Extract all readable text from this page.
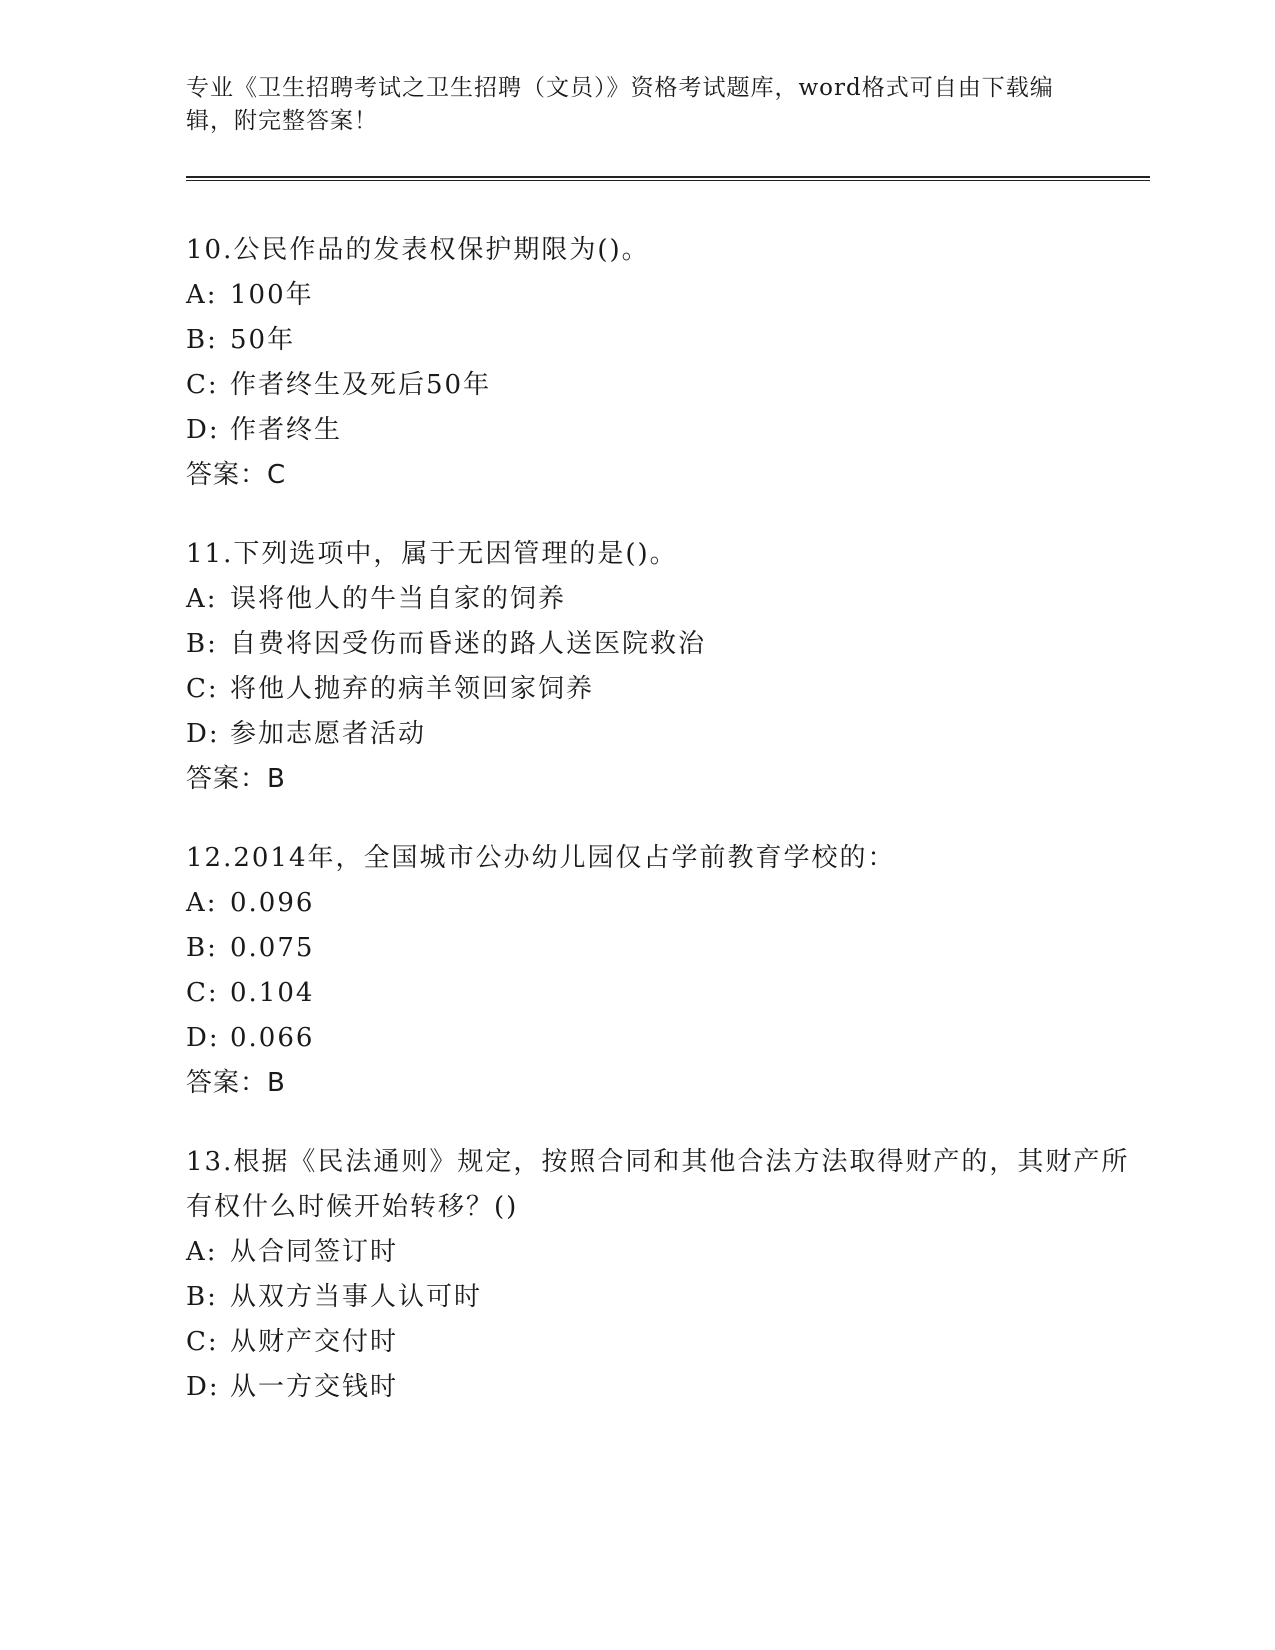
专业《卫生招聘考试之卫生招聘（文员）》资格考试题库，word格式可自由下载编辑，附完整答案！

10.公民作品的发表权保护期限为()。

A: 100年

B: 50年

C: 作者终生及死后50年

D: 作者终生

答案：C

11.下列选项中，属于无因管理的是()。

A: 误将他人的牛当自家的饲养

B: 自费将因受伤而昏迷的路人送医院救治

C: 将他人抛弃的病羊领回家饲养

D: 参加志愿者活动

答案：B

12.2014年，全国城市公办幼儿园仅占学前教育学校的：

A: 0.096

B: 0.075

C: 0.104

D: 0.066

答案：B

13.根据《民法通则》规定，按照合同和其他合法方法取得财产的，其财产所有权什么时候开始转移？()

A: 从合同签订时

B: 从双方当事人认可时

C: 从财产交付时

D: 从一方交钱时
